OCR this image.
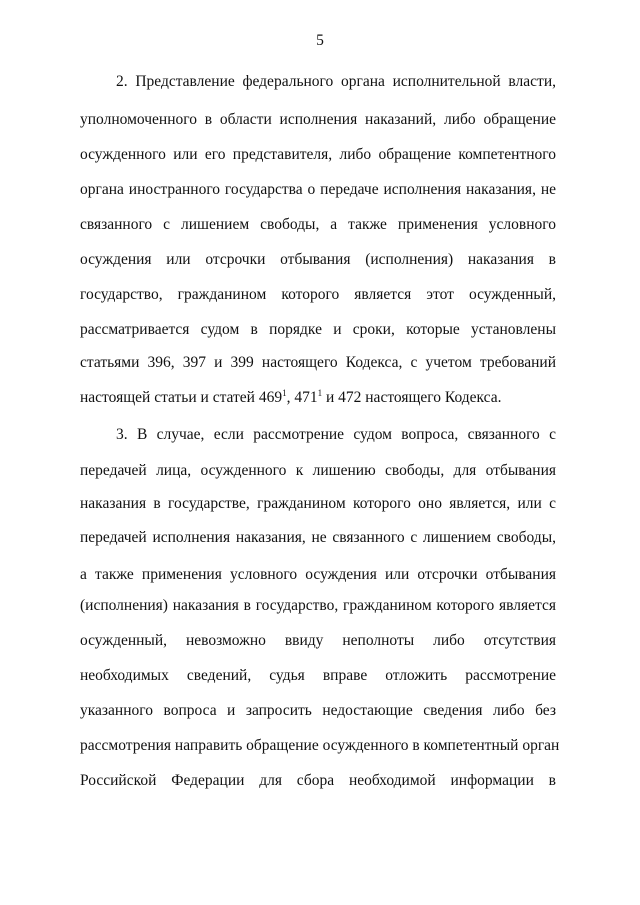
5
2. Представление федерального органа исполнительной власти,
уполномоченного в области исполнения наказаний, либо обращение
осужденного или его представителя, либо обращение компетентного
органа иностранного государства о передаче исполнения наказания, не
связанного с лишением свободы, а также применения условного
осуждения или отсрочки отбывания (исполнения) наказания в
государство, гражданином которого является этот осужденный,
рассматривается судом в порядке и сроки, которые установлены
статьями 396, 397 и 399 настоящего Кодекса, с учетом требований
настоящей статьи и статей $469^1$, $471^1$ и 472 настоящего Кодекса.
3. В случае, если рассмотрение судом вопроса, связанного с
передачей лица, осужденного к лишению свободы, для отбывания
наказания в государстве, гражданином которого оно является, или с
передачей исполнения наказания, не связанного с лишением свободы,
а также применения условного осуждения или отсрочки отбывания
(исполнения) наказания в государство, гражданином которого является
осужденный, невозможно ввиду неполноты либо отсутствия
необходимых сведений, судья вправе отложить рассмотрение
указанного вопроса и запросить недостающие сведения либо без
рассмотрения направить обращение осужденного в компетентный орган
Российской Федерации для сбора необходимой информации в
